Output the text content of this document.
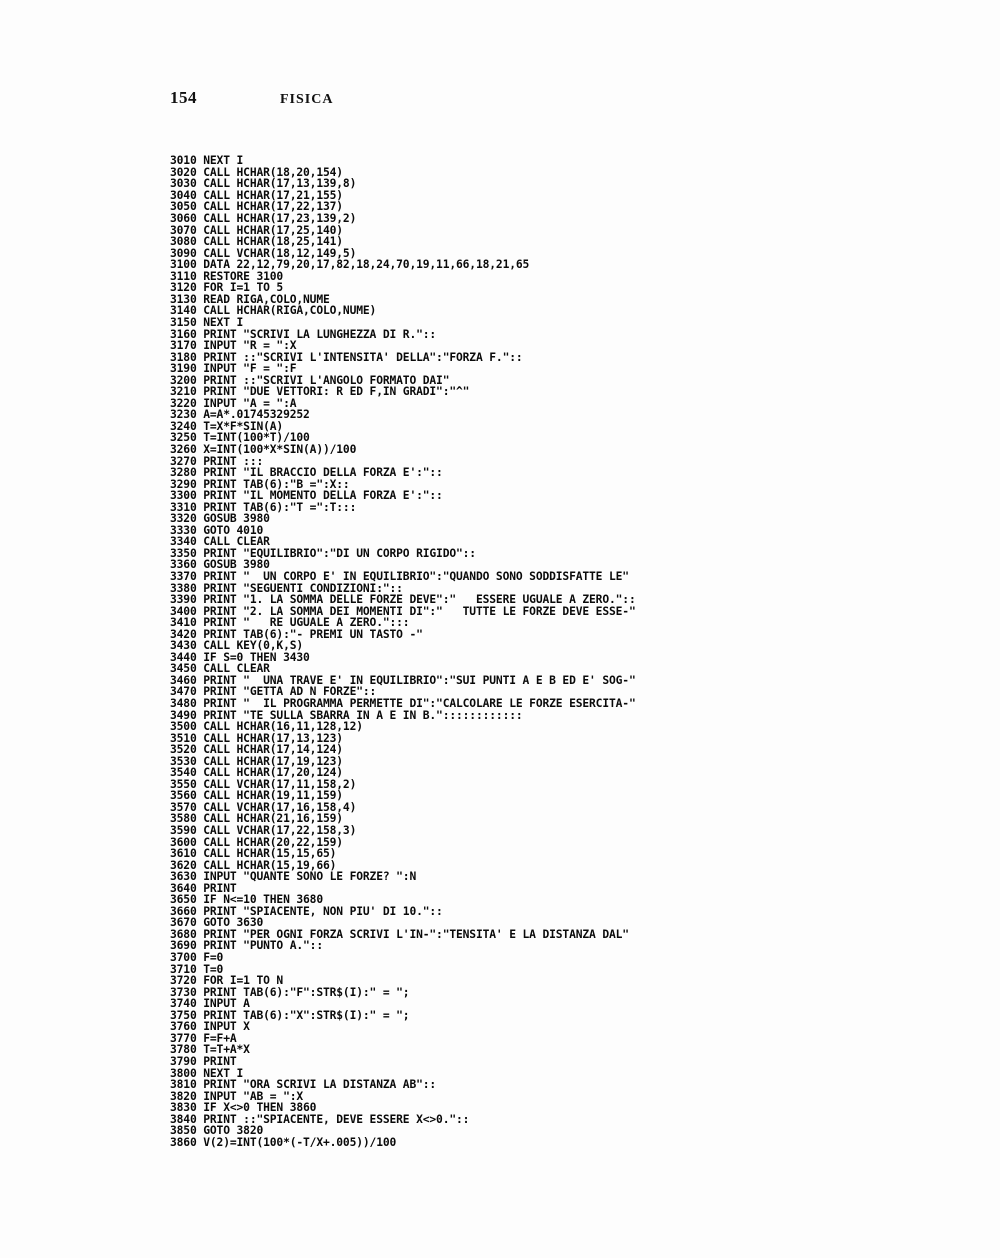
154	FISICA
3010 NEXT I
3020 CALL HCHAR(18,20,154)
3030 CALL HCHAR(17,13,139,8)
3040 CALL HCHAR(17,21,155)
3050 CALL HCHAR(17,22,137)
3060 CALL HCHAR(17,23,139,2)
3070 CALL HCHAR(17,25,140)
3080 CALL HCHAR(18,25,141)
3090 CALL VCHAR(18,12,149,5)
3100 DATA 22,12,79,20,17,82,18,24,70,19,11,66,18,21,65
3110 RESTORE 3100
3120 FOR I=1 TO 5
3130 READ RIGA,COLO,NUME
3140 CALL HCHAR(RIGA,COLO,NUME)
3150 NEXT I
3160 PRINT "SCRIVI LA LUNGHEZZA DI R."::
3170 INPUT "R = ":X
3180 PRINT ::"SCRIVI L'INTENSITA' DELLA":"FORZA F."::
3190 INPUT "F = ":F
3200 PRINT ::"SCRIVI L'ANGOLO FORMATO DAI"
3210 PRINT "DUE VETTORI: R ED F,IN GRADI":"^"
3220 INPUT "A = ":A
3230 A=A*.01745329252
3240 T=X*F*SIN(A)
3250 T=INT(100*T)/100
3260 X=INT(100*X*SIN(A))/100
3270 PRINT :::
3280 PRINT "IL BRACCIO DELLA FORZA E':"::
3290 PRINT TAB(6):"B =":X::
3300 PRINT "IL MOMENTO DELLA FORZA E':"::
3310 PRINT TAB(6):"T =":T:::
3320 GOSUB 3980
3330 GOTO 4010
3340 CALL CLEAR
3350 PRINT "EQUILIBRIO":"DI UN CORPO RIGIDO"::
3360 GOSUB 3980
3370 PRINT "  UN CORPO E' IN EQUILIBRIO":"QUANDO SONO SODDISFATTE LE"
3380 PRINT "SEGUENTI CONDIZIONI:"::
3390 PRINT "1. LA SOMMA DELLE FORZE DEVE":"   ESSERE UGUALE A ZERO."::
3400 PRINT "2. LA SOMMA DEI MOMENTI DI":"   TUTTE LE FORZE DEVE ESSE-"
3410 PRINT "   RE UGUALE A ZERO.":::
3420 PRINT TAB(6):"- PREMI UN TASTO -"
3430 CALL KEY(0,K,S)
3440 IF S=0 THEN 3430
3450 CALL CLEAR
3460 PRINT "  UNA TRAVE E' IN EQUILIBRIO":"SUI PUNTI A E B ED E' SOG-"
3470 PRINT "GETTA AD N FORZE"::
3480 PRINT "  IL PROGRAMMA PERMETTE DI":"CALCOLARE LE FORZE ESERCITA-"
3490 PRINT "TE SULLA SBARRA IN A E IN B."::::::::::::
3500 CALL HCHAR(16,11,128,12)
3510 CALL HCHAR(17,13,123)
3520 CALL HCHAR(17,14,124)
3530 CALL HCHAR(17,19,123)
3540 CALL HCHAR(17,20,124)
3550 CALL VCHAR(17,11,158,2)
3560 CALL HCHAR(19,11,159)
3570 CALL VCHAR(17,16,158,4)
3580 CALL HCHAR(21,16,159)
3590 CALL VCHAR(17,22,158,3)
3600 CALL HCHAR(20,22,159)
3610 CALL HCHAR(15,15,65)
3620 CALL HCHAR(15,19,66)
3630 INPUT "QUANTE SONO LE FORZE? ":N
3640 PRINT
3650 IF N<=10 THEN 3680
3660 PRINT "SPIACENTE, NON PIU' DI 10."::
3670 GOTO 3630
3680 PRINT "PER OGNI FORZA SCRIVI L'IN-":"TENSITA' E LA DISTANZA DAL"
3690 PRINT "PUNTO A."::
3700 F=0
3710 T=0
3720 FOR I=1 TO N
3730 PRINT TAB(6):"F":STR$(I):" = ";
3740 INPUT A
3750 PRINT TAB(6):"X":STR$(I):" = ";
3760 INPUT X
3770 F=F+A
3780 T=T+A*X
3790 PRINT
3800 NEXT I
3810 PRINT "ORA SCRIVI LA DISTANZA AB"::
3820 INPUT "AB = ":X
3830 IF X<>0 THEN 3860
3840 PRINT ::"SPIACENTE, DEVE ESSERE X<>0."::
3850 GOTO 3820
3860 V(2)=INT(100*(-T/X+.005))/100
